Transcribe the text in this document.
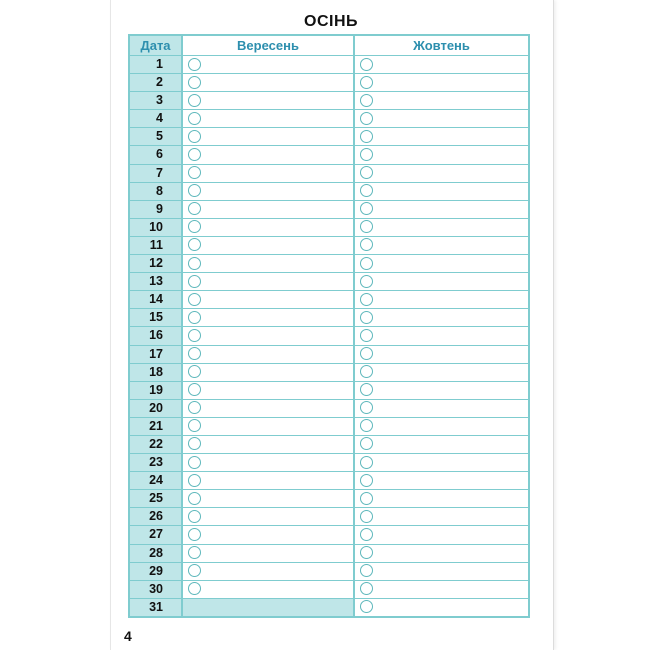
ОСІНЬ
Дата	Вересень	Жовтень
1
2
3
4
5
6
7
8
9
10
11
12
13
14
15
16
17
18
19
20
21
22
23
24
25
26
27
28
29
30
31
4
